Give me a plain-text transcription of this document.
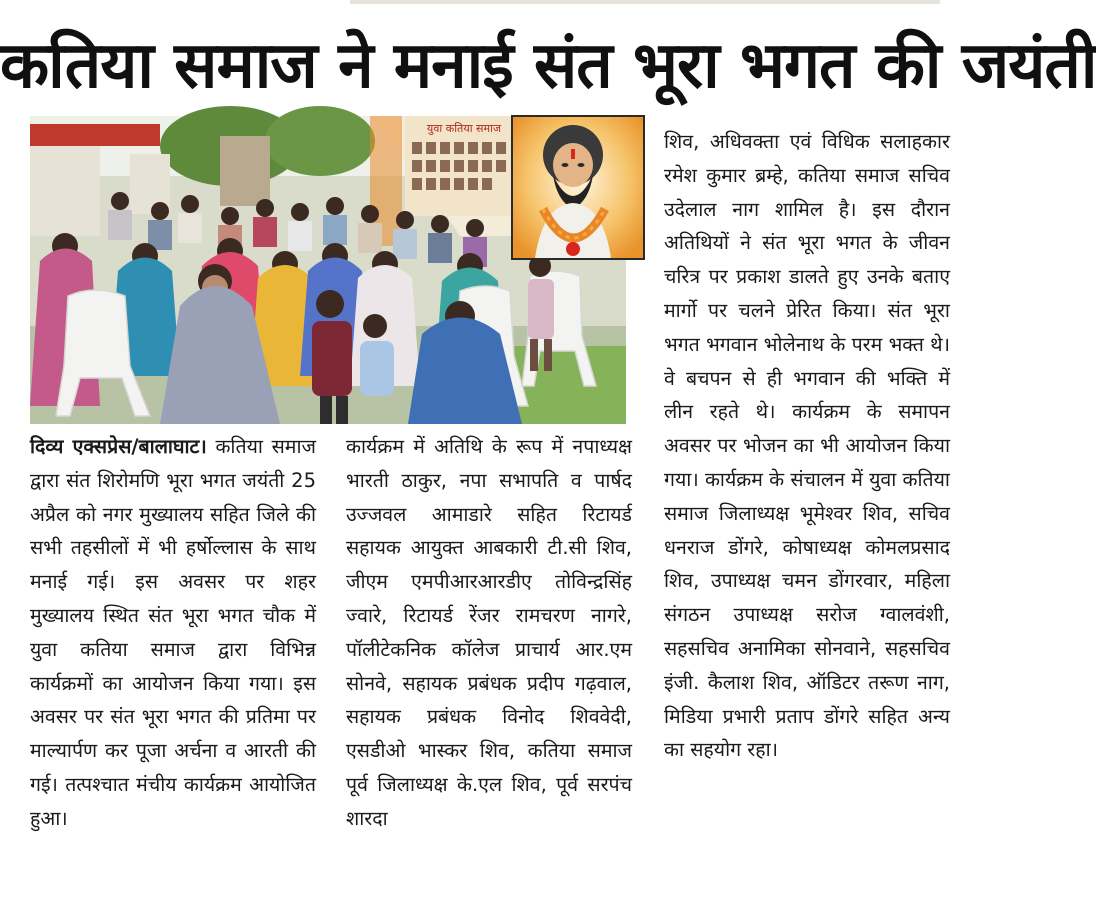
कतिया समाज ने मनाई संत भूरा भगत की जयंती
युवा कतिया समाज

दिव्य एक्सप्रेस/बालाघाट। कतिया समाज द्वारा संत शिरोमणि भूरा भगत जयंती 25 अप्रैल को नगर मुख्यालय सहित जिले की सभी तहसीलों में भी हर्षोल्लास के साथ मनाई गई। इस अवसर पर शहर मुख्यालय स्थित संत भूरा भगत चौक में युवा कतिया समाज द्वारा विभिन्न कार्यक्रमों का आयोजन किया गया। इस अवसर पर संत भूरा भगत की प्रतिमा पर माल्यार्पण कर पूजा अर्चना व आरती की गई। तत्पश्चात मंचीय कार्यक्रम आयोजित हुआ।

कार्यक्रम में अतिथि के रूप में नपाध्यक्ष भारती ठाकुर, नपा सभापति व पार्षद उज्जवल आमाडारे सहित रिटायर्ड सहायक आयुक्त आबकारी टी.सी शिव, जीएम एमपीआरआरडीए तोविन्द्रसिंह ज्वारे, रिटायर्ड रेंजर रामचरण नागरे, पॉलीटेकनिक कॉलेज प्राचार्य आर.एम सोनवे, सहायक प्रबंधक प्रदीप गढ़वाल, सहायक प्रबंधक विनोद शिववेदी, एसडीओ भास्कर शिव, कतिया समाज पूर्व जिलाध्यक्ष के.एल शिव, पूर्व सरपंच शारदा

शिव, अधिवक्ता एवं विधिक सलाहकार रमेश कुमार ब्रम्हे, कतिया समाज सचिव उदेलाल नाग शामिल है। इस दौरान अतिथियों ने संत भूरा भगत के जीवन चरित्र पर प्रकाश डालते हुए उनके बताए मार्गो पर चलने प्रेरित किया। संत भूरा भगत भगवान भोलेनाथ के परम भक्त थे। वे बचपन से ही भगवान की भक्ति में लीन रहते थे। कार्यक्रम के समापन अवसर पर भोजन का भी आयोजन किया गया। कार्यक्रम के संचालन में युवा कतिया समाज जिलाध्यक्ष भूमेश्वर शिव, सचिव धनराज डोंगरे, कोषाध्यक्ष कोमलप्रसाद शिव, उपाध्यक्ष चमन डोंगरवार, महिला संगठन उपाध्यक्ष सरोज ग्वालवंशी, सहसचिव अनामिका सोनवाने, सहसचिव इंजी. कैलाश शिव, ऑडिटर तरूण नाग, मिडिया प्रभारी प्रताप डोंगरे सहित अन्य का सहयोग रहा।
